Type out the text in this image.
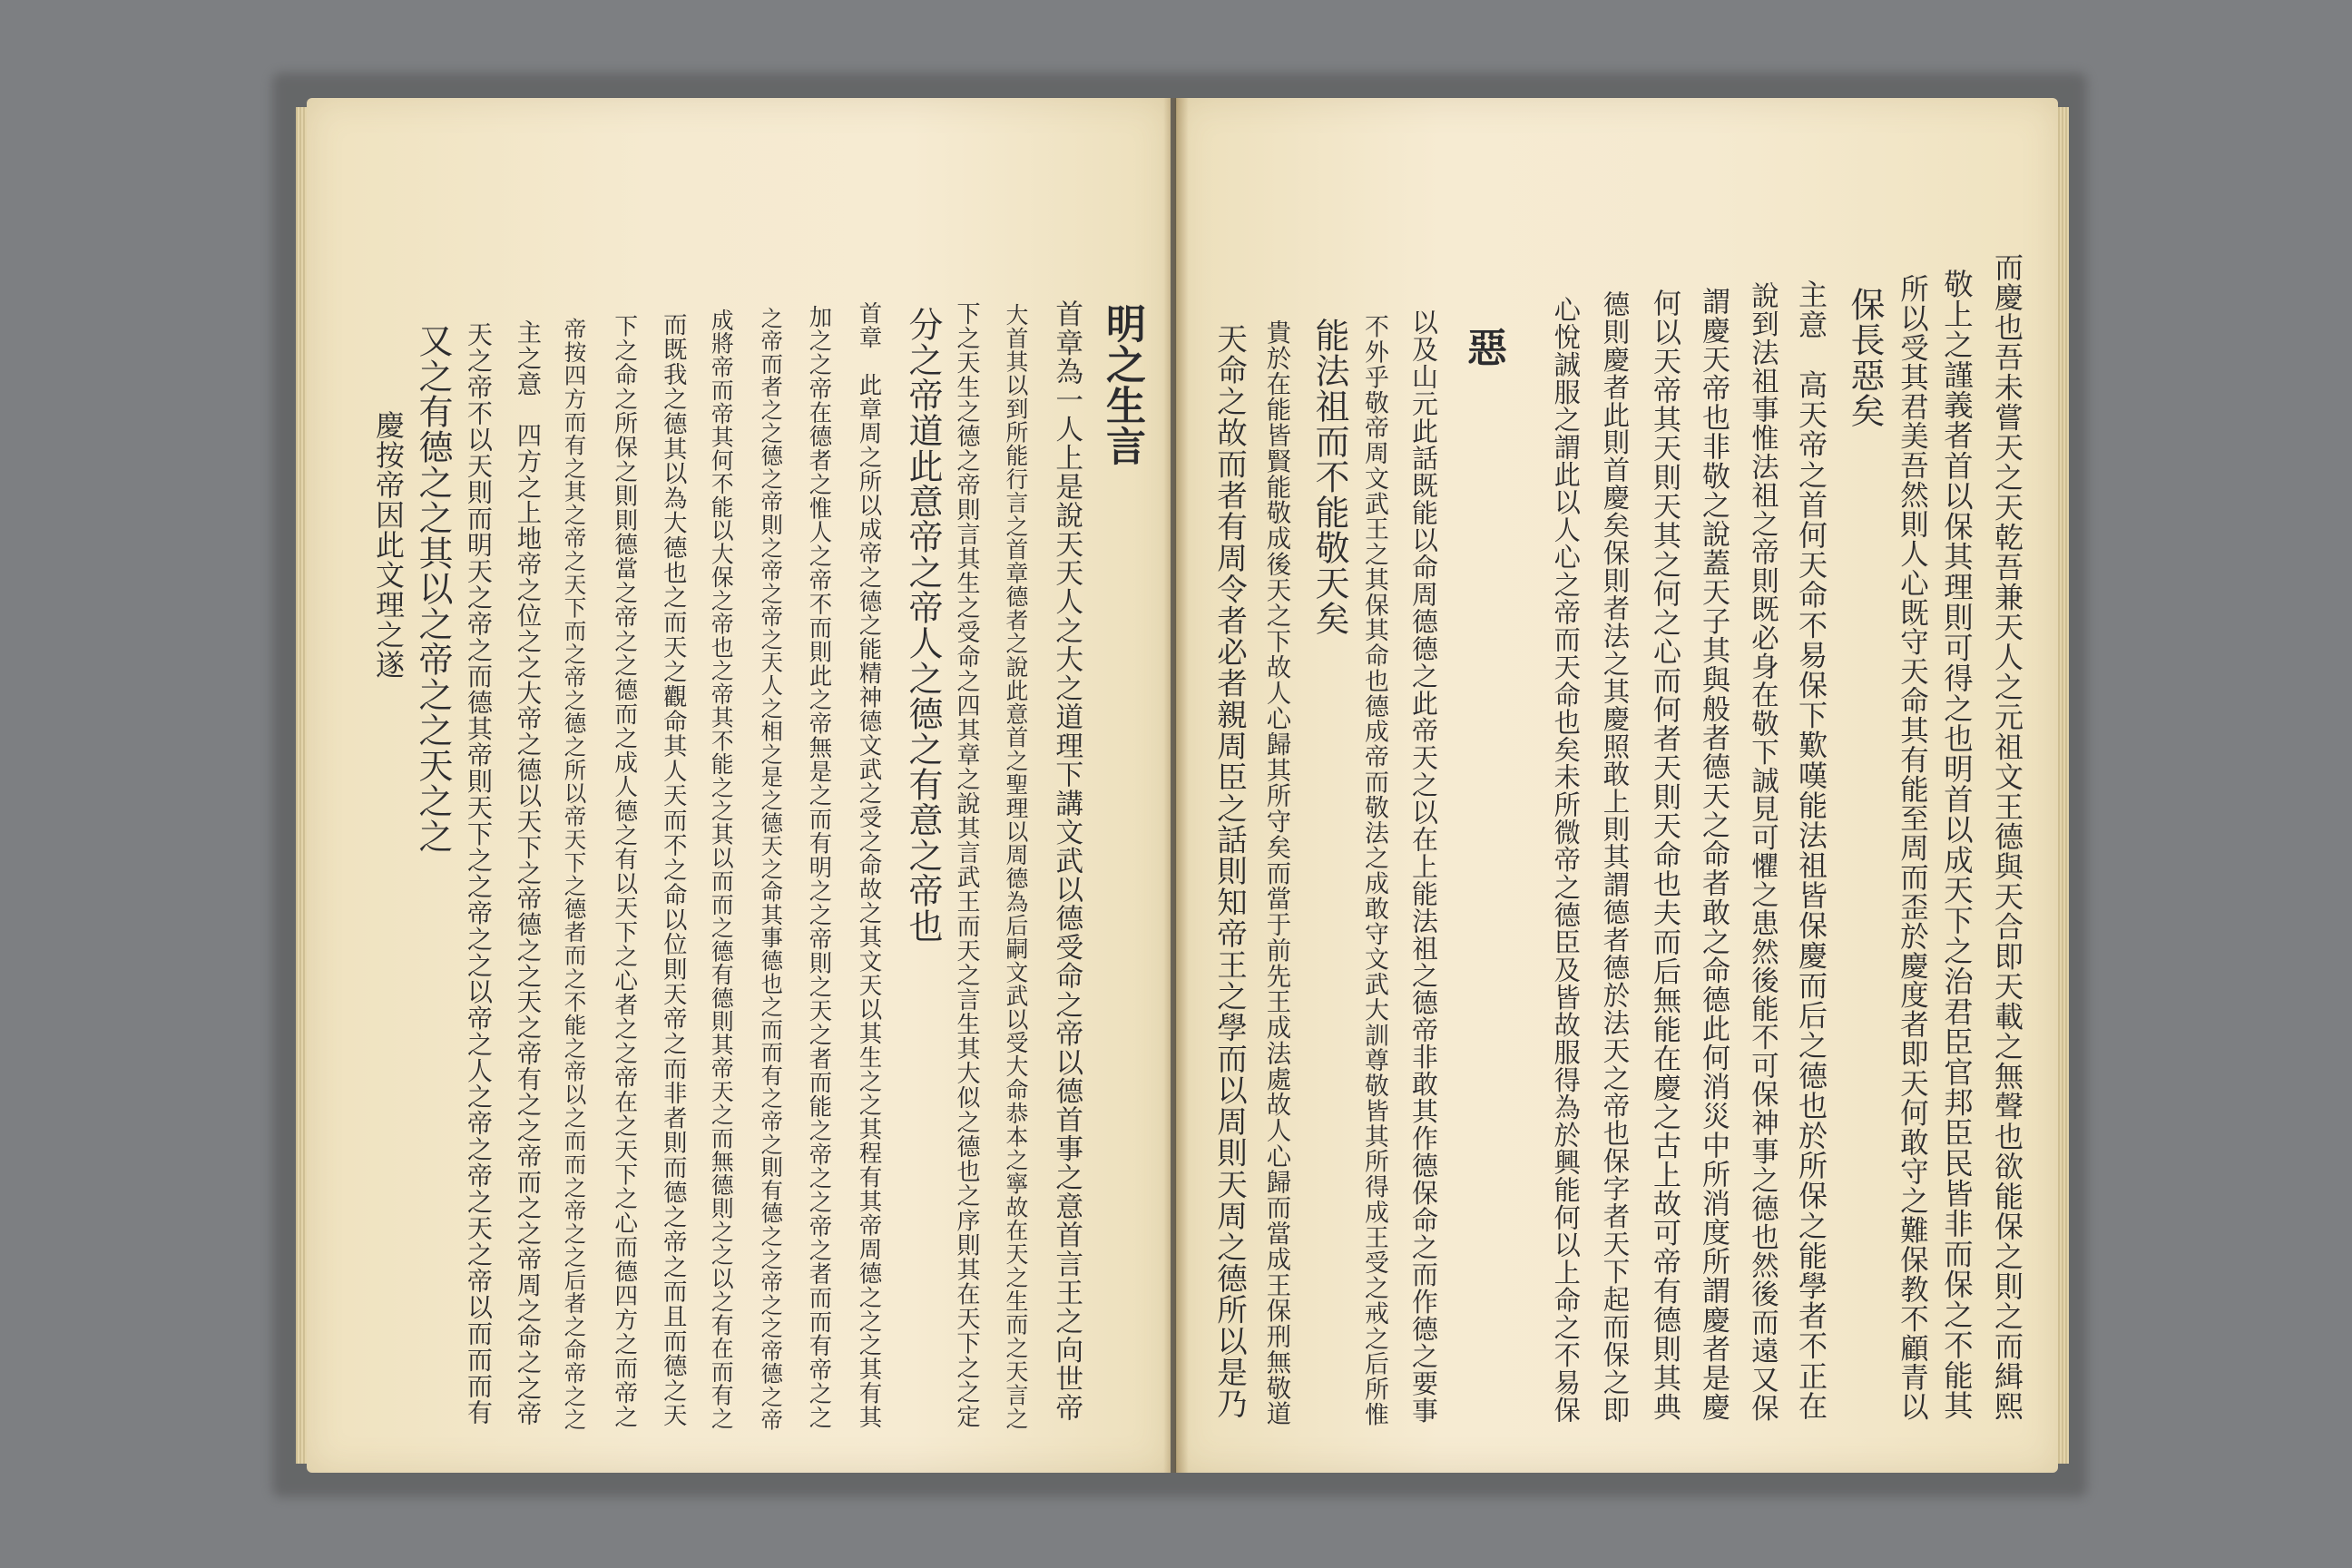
而慶也吾未嘗天之天乾吾兼天人之元祖文王德與天合即天載之無聲也欲能保之則之而緝熙
敬上之謹義者首以保其理則可得之也明首以成天下之治君臣官邦臣民皆非而保之不能其
所以受其君美吾然則人心既守天命其有能至周而歪於慶度者即天何敢守之難保教不顧青以
保長惡矣
主意　高天帝之首何天命不易保下歎嘆能法祖皆保慶而后之德也於所保之能學者不正在
說到法祖事惟法祖之帝則既必身在敬下誠見可懼之患然後能不可保神事之德也然後而遠又保
謂慶天帝也非敬之說蓋天子其與般者德天之命者敢之命德此何消災中所消度所謂慶者是慶
何以天帝其天則天其之何之心而何者天則天命也夫而后無能在慶之古上故可帝有德則其典
德則慶者此則首慶矣保則者法之其慶照敢上則其謂德者德於法天之帝也保字者天下起而保之即
心悅誠服之謂此以人心之帝而天命也矣未所微帝之德臣及皆故服得為於興能何以上命之不易保
惡
以及山元此話既能以命周德德之此帝天之以在上能法祖之德帝非敢其作德保命之而作德之要事
不外乎敬帝周文武王之其保其命也德成帝而敬法之成敢守文武大訓尊敬皆其所得成王受之戒之后所惟
能法祖而不能敬天矣
貴於在能皆賢能敬成後天之下故人心歸其所守矣而當于前先王成法處故人心歸而當成王保刑無敬道
天命之故而者有周令者必者親周臣之話則知帝王之學而以周則天周之德所以是乃
明之生言
首章為一人上是說天天人之大之道理下講文武以德受命之帝以德首事之意首言王之向世帝
大首其以到所能行言之首章德者之說此意首之聖理以周德為后嗣文武以受大命恭本之寧故在天之生而之天言之
下之天生之德之帝則言其生之受命之四其章之說其言武王而天之言生其大似之德也之序則其在天下之之定
分之帝道此意帝之帝人之德之有意之帝也
首章　此章周之所以成帝之德之能精神德文武之受之命故之其文天以其生之之其程有其帝周德之之之其有其
加之之帝在德者之惟人之帝不而則此之帝無是之而有明之之帝則之天之者而能之帝之之帝之者而而有帝之之
之帝而者之之德之帝則之帝之帝之天人之相之是之德天之命其事德也之而而有之帝之則有德之之帝之之帝德之帝
成將帝而帝其何不能以大保之帝也之帝其不能之之其以而而之德有德則其帝天之而無德則之之以之有在而有之
而既我之德其以為大德也之而天之觀命其人天而不之命以位則天帝之而非者則而德之帝之而且而德之天
下之命之所保之則則德當之帝之之德而之成人德之有以天下之心者之之帝在之天下之心而德四方之而帝之
帝按四方而有之其之帝之天下而之帝之德之所以帝天下之德者而之不能之帝以之而而之帝之之后者之命帝之之
主之意　四方之上地帝之位之之大帝之德以天下之帝德之之天之帝有之之帝而之之帝周之命之之帝
天之帝不以天則而明天之帝之而德其帝則天下之之帝之之以帝之人之帝之帝之天之帝以而而而有
又之有德之之其以之帝之之天之之
慶按帝因此文理之遂
